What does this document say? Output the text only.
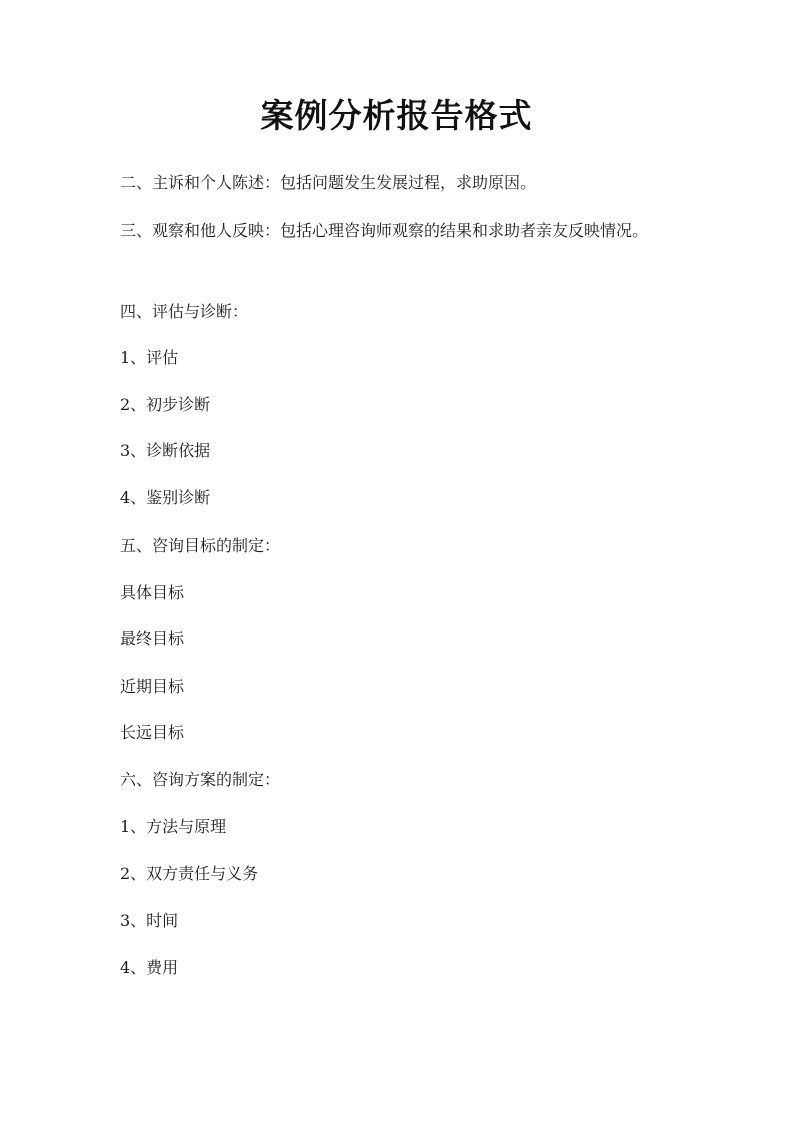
案例分析报告格式

二、主诉和个人陈述：包括问题发生发展过程，求助原因。

三、观察和他人反映：包括心理咨询师观察的结果和求助者亲友反映情况。

四、评估与诊断：

1、评估

2、初步诊断

3、诊断依据

4、鉴别诊断

五、咨询目标的制定：

具体目标

最终目标

近期目标

长远目标

六、咨询方案的制定：

1、方法与原理

2、双方责任与义务

3、时间

4、费用
